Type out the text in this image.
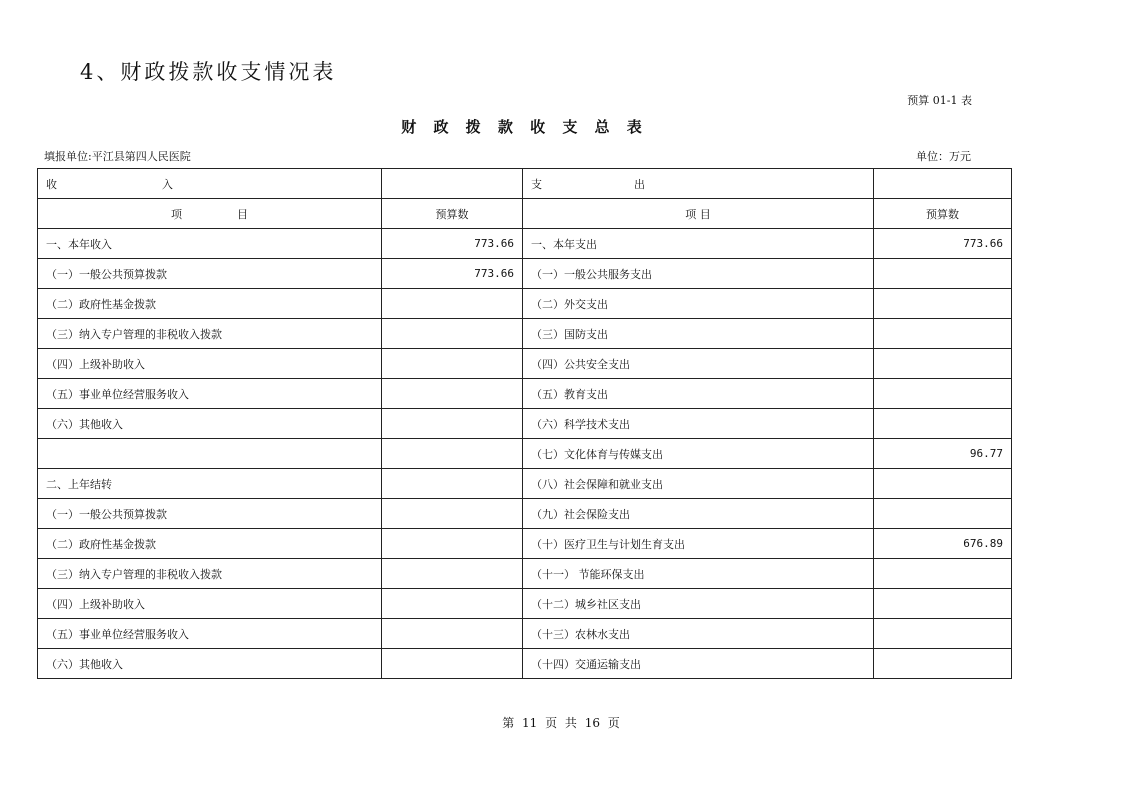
4、财政拨款收支情况表
预算 01-1 表
财 政 拨 款 收 支 总 表
填报单位:平江县第四人民医院	单位：万元
收 入		支 出	

项 目	预算数	项 目	预算数
一、本年收入	773.66	一、本年支出	773.66
（一）一般公共预算拨款	773.66	（一）一般公共服务支出	
（二）政府性基金拨款		（二）外交支出	
（三）纳入专户管理的非税收入拨款		（三）国防支出	
（四）上级补助收入		（四）公共安全支出	
（五）事业单位经营服务收入		（五）教育支出	
（六）其他收入		（六）科学技术支出	
		（七）文化体育与传媒支出	96.77
二、上年结转		（八）社会保障和就业支出	
（一）一般公共预算拨款		（九）社会保险支出	
（二）政府性基金拨款		（十）医疗卫生与计划生育支出	676.89
（三）纳入专户管理的非税收入拨款		（十一） 节能环保支出	
（四）上级补助收入		（十二）城乡社区支出	
（五）事业单位经营服务收入		（十三）农林水支出	
（六）其他收入		（十四）交通运输支出	
第 11 页 共 16 页
